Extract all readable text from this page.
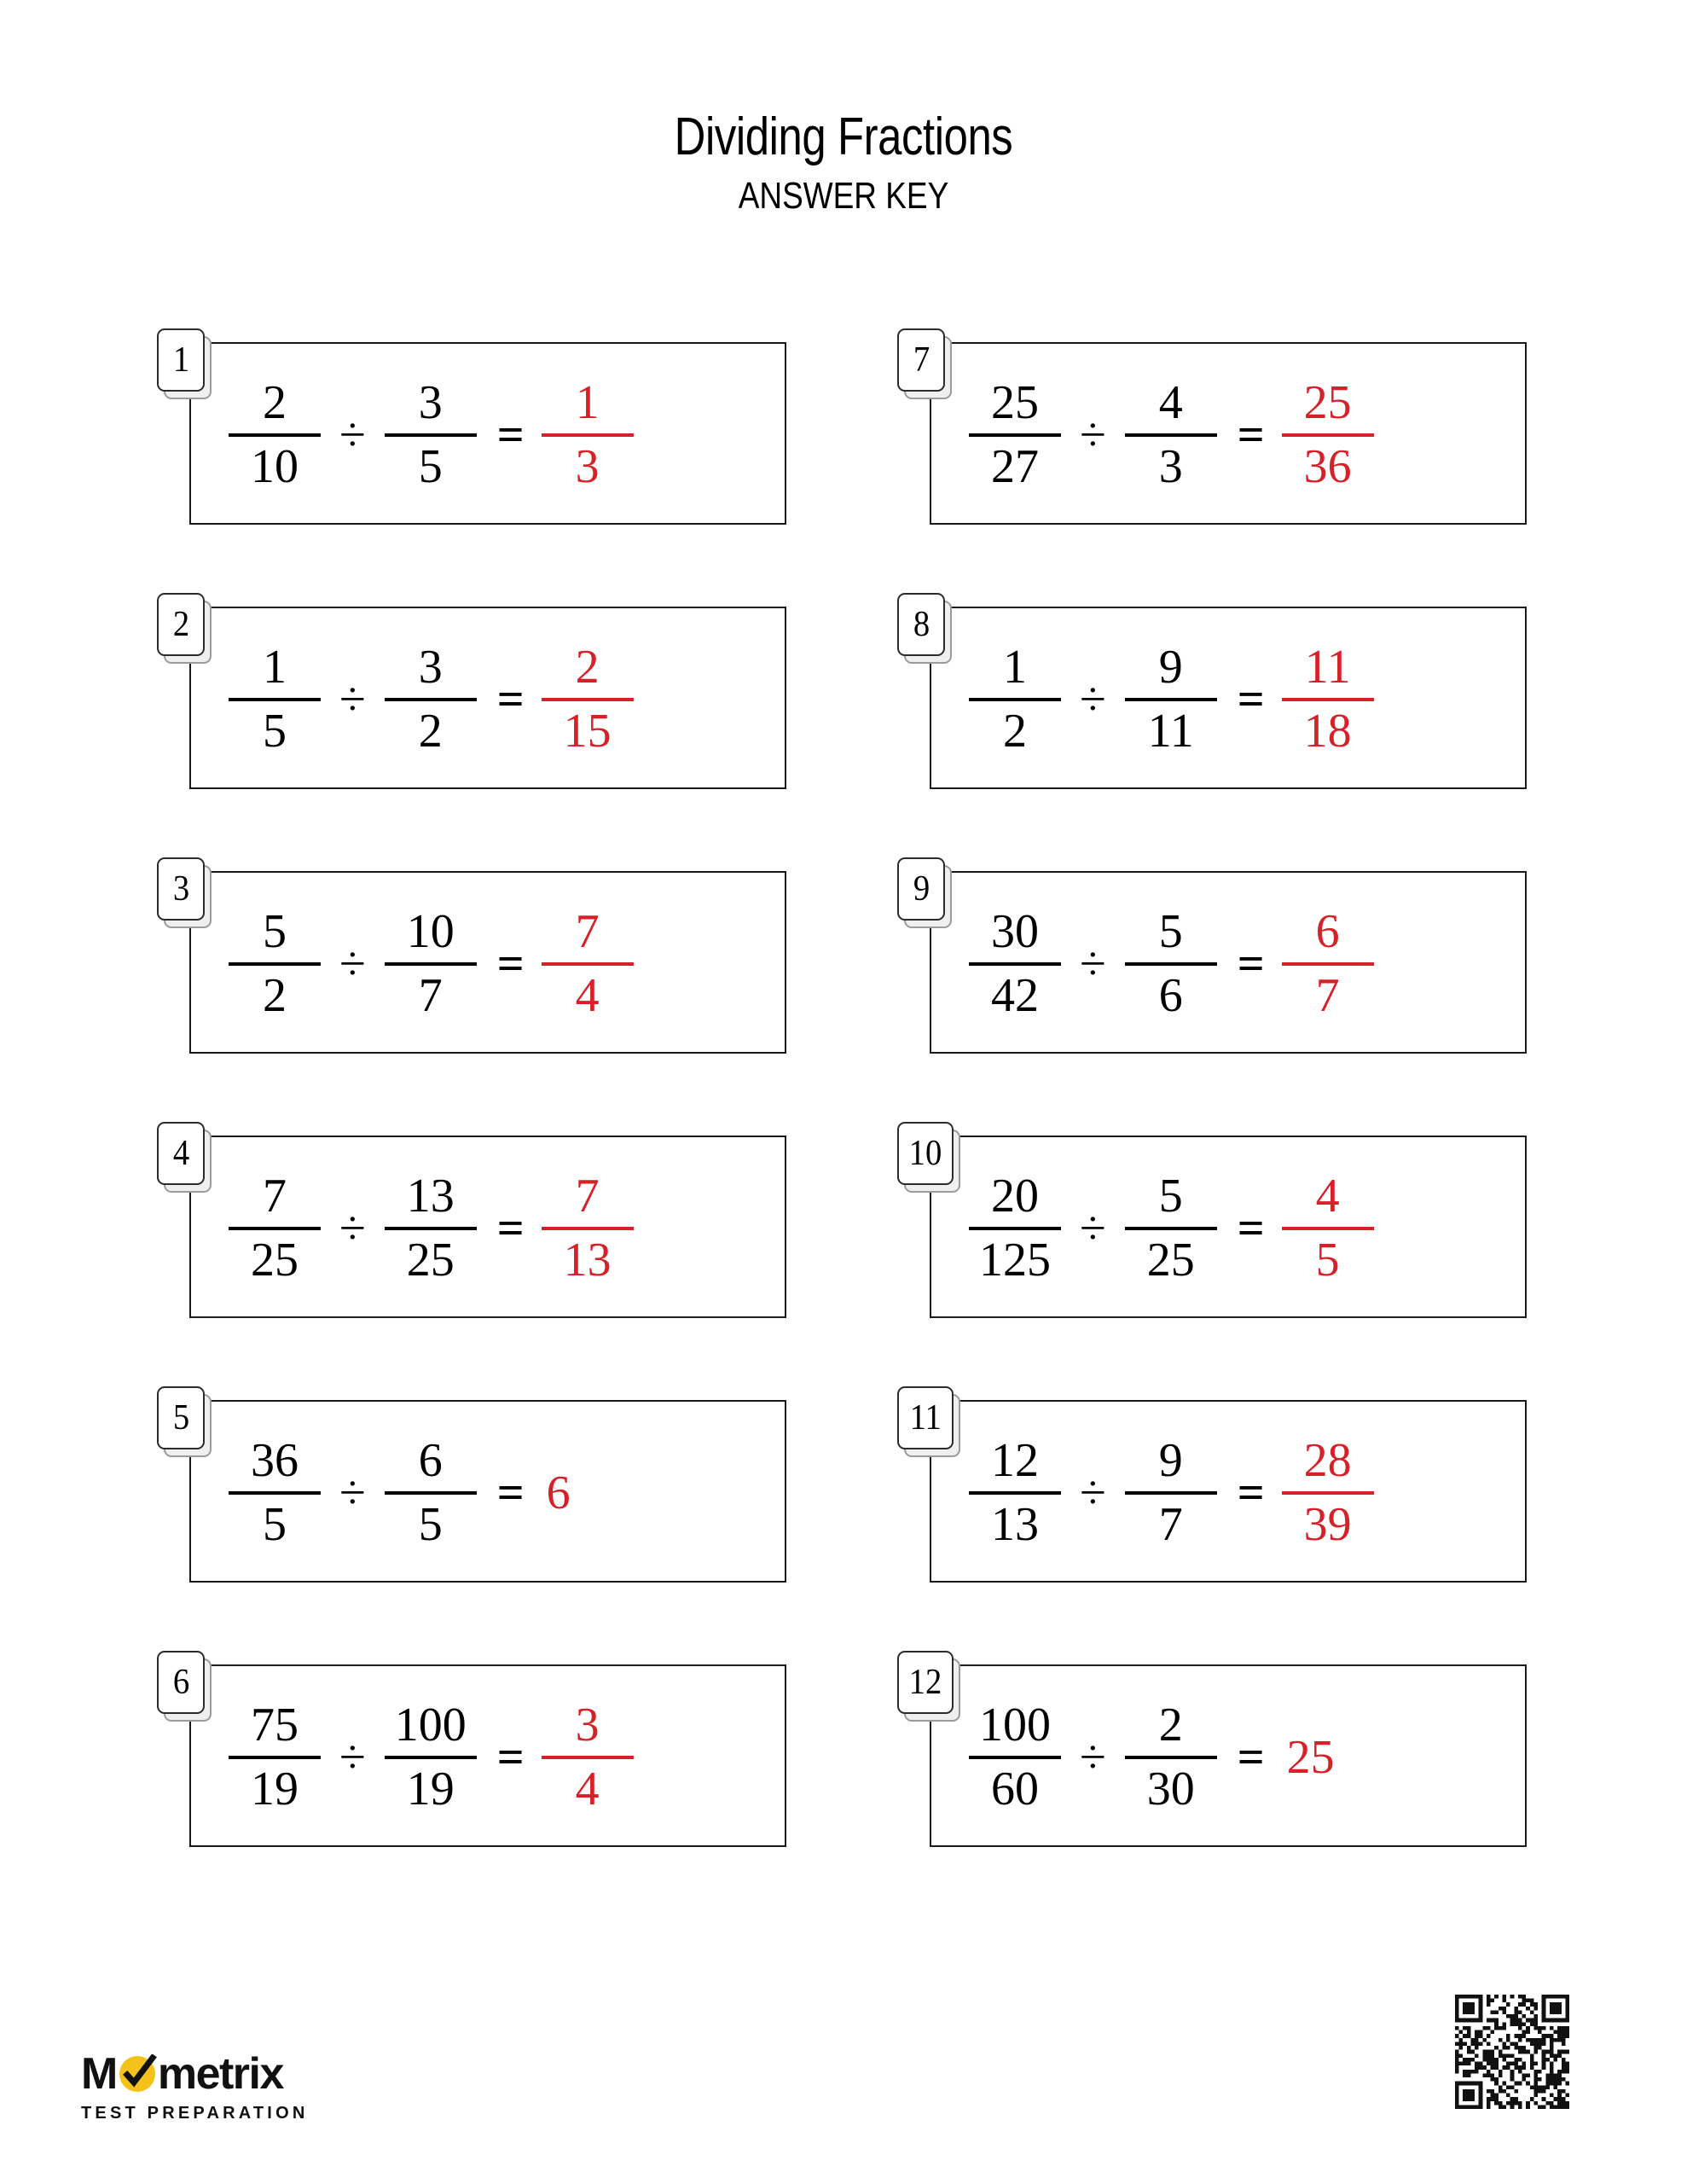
Dividing Fractions
ANSWER KEY
1
$\frac{2}{10} \div \frac{3}{5} = \frac{1}{3}$
2
$\frac{1}{5} \div \frac{3}{2} = \frac{2}{15}$
3
$\frac{5}{2} \div \frac{10}{7} = \frac{7}{4}$
4
$\frac{7}{25} \div \frac{13}{25} = \frac{7}{13}$
5
$\frac{36}{5} \div \frac{6}{5} = 6$
6
$\frac{75}{19} \div \frac{100}{19} = \frac{3}{4}$
7
$\frac{25}{27} \div \frac{4}{3} = \frac{25}{36}$
8
$\frac{1}{2} \div \frac{9}{11} = \frac{11}{18}$
9
$\frac{30}{42} \div \frac{5}{6} = \frac{6}{7}$
10
$\frac{20}{125} \div \frac{5}{25} = \frac{4}{5}$
11
$\frac{12}{13} \div \frac{9}{7} = \frac{28}{39}$
12
$\frac{100}{60} \div \frac{2}{30} = 25$
M metrix
TEST PREPARATION
